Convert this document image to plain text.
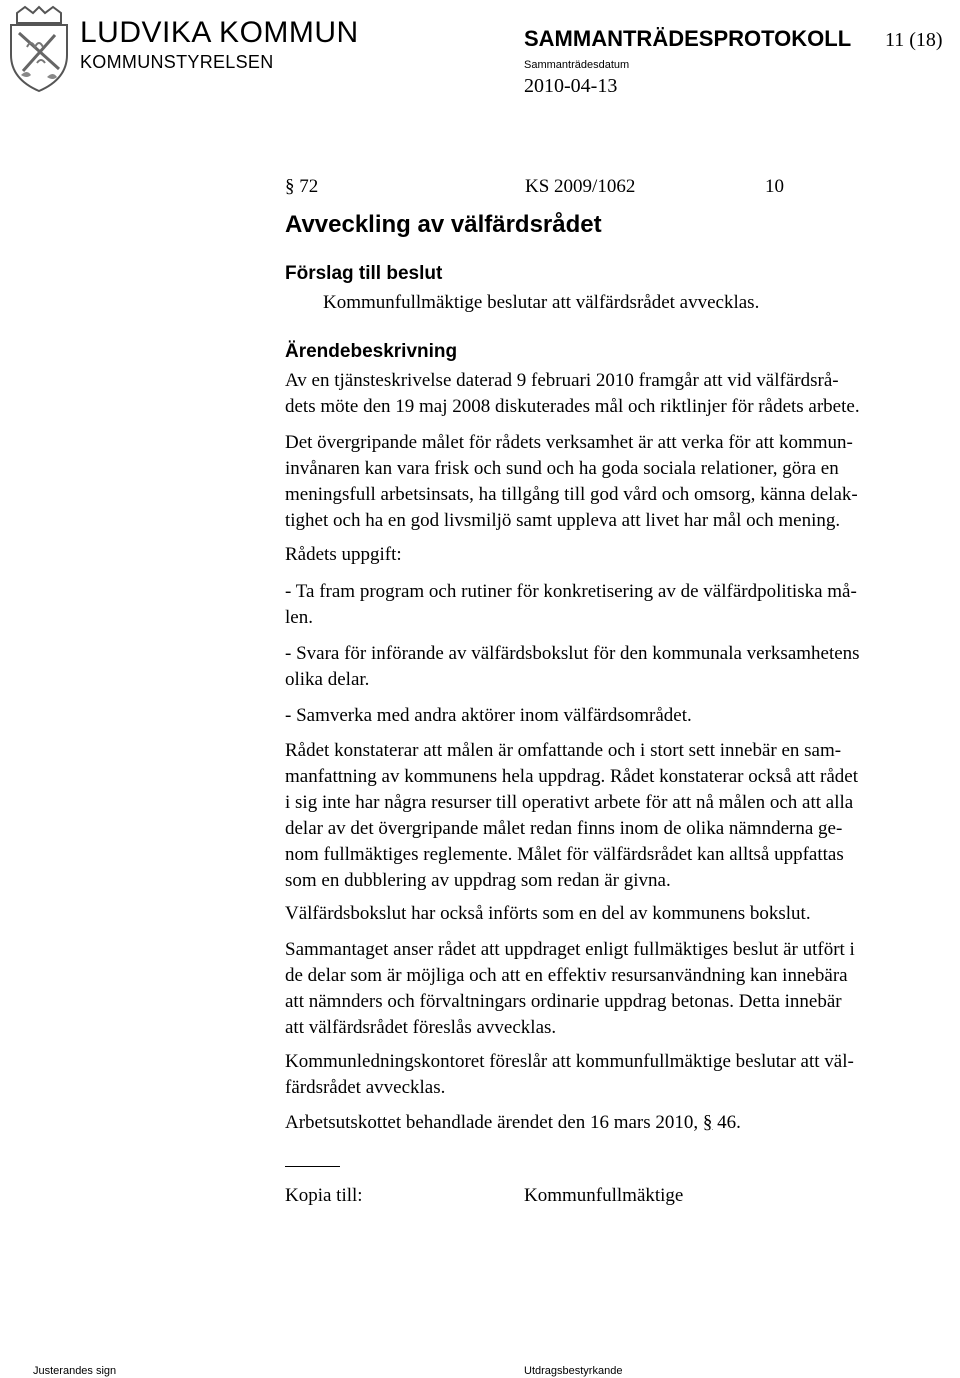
LUDVIKA KOMMUN
KOMMUNSTYRELSEN
SAMMANTRÄDESPROTOKOLL 11 (18)
Sammanträdesdatum
2010-04-13
§ 72	KS 2009/1062	10
Avveckling av välfärdsrådet
Förslag till beslut
Kommunfullmäktige beslutar att välfärdsrådet avvecklas.
Ärendebeskrivning
Av en tjänsteskrivelse daterad 9 februari 2010 framgår att vid välfärdsrå-
dets möte den 19 maj 2008 diskuterades mål och riktlinjer för rådets arbete.
Det övergripande målet för rådets verksamhet är att verka för att kommun-
invånaren kan vara frisk och sund och ha goda sociala relationer, göra en
meningsfull arbetsinsats, ha tillgång till god vård och omsorg, känna delak-
tighet och ha en god livsmiljö samt uppleva att livet har mål och mening.
Rådets uppgift:
- Ta fram program och rutiner för konkretisering av de välfärdpolitiska må-
len.
- Svara för införande av välfärdsbokslut för den kommunala verksamhetens
olika delar.
- Samverka med andra aktörer inom välfärdsområdet.
Rådet konstaterar att målen är omfattande och i stort sett innebär en sam-
manfattning av kommunens hela uppdrag. Rådet konstaterar också att rådet
i sig inte har några resurser till operativt arbete för att nå målen och att alla
delar av det övergripande målet redan finns inom de olika nämnderna ge-
nom fullmäktiges reglemente. Målet för välfärdsrådet kan alltså uppfattas
som en dubblering av uppdrag som redan är givna.
Välfärdsbokslut har också införts som en del av kommunens bokslut.
Sammantaget anser rådet att uppdraget enligt fullmäktiges beslut är utfört i
de delar som är möjliga och att en effektiv resursanvändning kan innebära
att nämnders och förvaltningars ordinarie uppdrag betonas. Detta innebär
att välfärdsrådet föreslås avvecklas.
Kommunledningskontoret föreslår att kommunfullmäktige beslutar att väl-
färdsrådet avvecklas.
Arbetsutskottet behandlade ärendet den 16 mars 2010, § 46.
Kopia till:	Kommunfullmäktige
Justerandes sign	Utdragsbestyrkande
